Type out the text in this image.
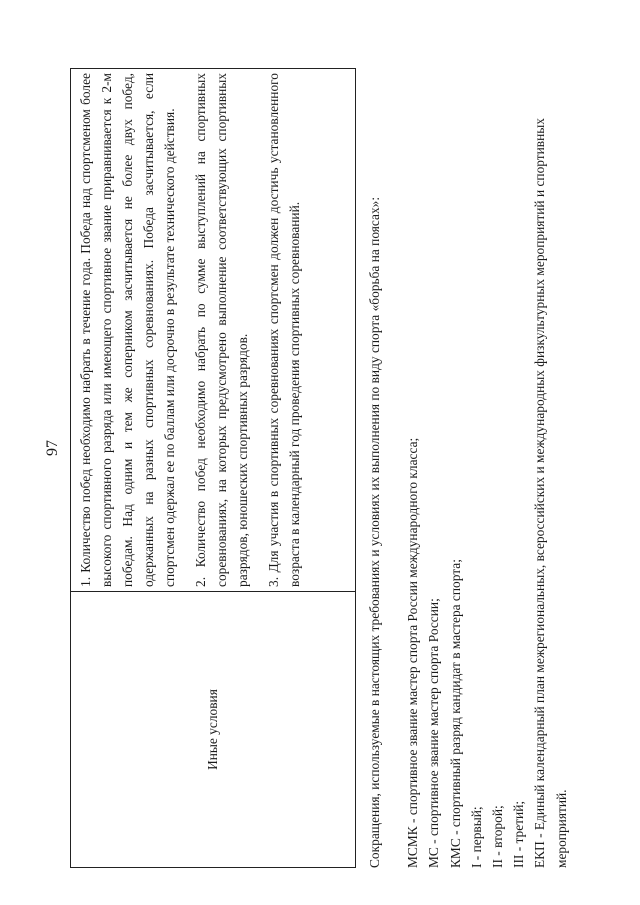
97
Иные условия

1. Количество побед необходимо набрать в течение года. Победа над спортсменом более высокого спортивного разряда или имеющего спортивное звание приравнивается к 2-м победам. Над одним и тем же соперником засчитывается не более двух побед, одержанных на разных спортивных соревнованиях. Победа засчитывается, если спортсмен одержал ее по баллам или досрочно в результате технического действия. 2. Количество побед необходимо набрать по сумме выступлений на спортивных соревнованиях, на которых предусмотрено выполнение соответствующих спортивных разрядов, юношеских спортивных разрядов. 3. Для участия в спортивных соревнованиях спортсмен должен достичь установленного возраста в календарный год проведения спортивных соревнований.	Сокращения, используемые в настоящих требованиях и условиях их выполнения по виду спорта «борьба на поясах»: МСМК - спортивное звание мастер спорта России международного класса; МС - спортивное звание мастер спорта России; КМС - спортивный разряд кандидат в мастера спорта; I - первый; II - второй; III - третий; ЕКП - Единый календарный план межрегиональных, всероссийских и международных физкультурных мероприятий и спортивных мероприятий.
